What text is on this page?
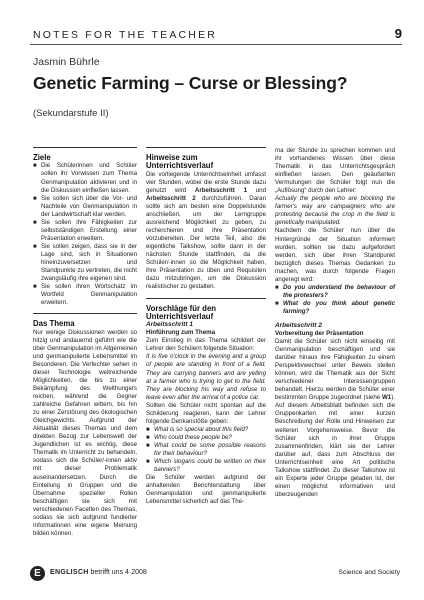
NOTES FOR THE TEACHER	9
Jasmin Bührle
Genetic Farming – Curse or Blessing?
(Sekundarstufe II)
Ziele
■ Die Schülerinnen und Schüler sollen ihr Vorwissen zum Thema Genmanipulation aktivieren und in die Diskussion einfließen lassen.
■ Sie sollen sich über die Vor- und Nachteile von Genmanipulation in der Landwirtschaft klar werden.
■ Sie sollen ihre Fähigkeiten zur selbstständigen Erstellung einer Präsentation erweitern.
■ Sie sollen zeigen, dass sie in der Lage sind, sich in Situationen hineinzuversetzen und Standpunkte zu vertreten, die nicht zwangsläufig ihre eigenen sind.
■ Sie sollen ihren Wortschatz im Wortfeld Genmanipulation erweitern.
Das Thema

Nur wenige Diskussionen werden so hitzig und andauernd geführt wie die über Genmanipulation im Allgemeinen und genmanipulierte Lebensmittel im Besonderen. Die Verfechter sehen in dieser Technologie weitreichende Möglichkeiten, die bis zu einer Bekämpfung des Welthungers reichen, während die Gegner zahlreiche Gefahren wittern, bis hin zu einer Zerstörung des ökologischen Gleichgewichts. Aufgrund der Aktualität dieses Themas und dem direkten Bezug zur Lebenswelt der Jugendlichen ist es wichtig, diese Thematik im Unterricht zu behandeln, sodass sich die Schüler/-innen aktiv mit dieser Problematik auseinandersetzen. Durch die Einteilung in Gruppen und die Übernahme spezieller Rollen beschäftigen sie sich mit verschiedenen Facetten des Themas, sodass sie sich aufgrund fundierter Informationen eine eigene Meinung bilden können.

Hinweise zum Unterrichtsverlauf

Die vorliegende Unterrichtseinheit umfasst vier Stunden, wobei die erste Stunde dazu genutzt wird Arbeitsschritt 1 und Arbeitsschritt 2 durchzuführen. Daran sollte sich am besten eine Doppelstunde anschließen, um der Lerngruppe ausreichend Möglichkeit zu geben, zu recherchieren und ihre Präsentation vorzubereiten. Der letzte Teil, also die eigentliche Talkshow, sollte dann in der nächsten Stunde stattfinden, da die Schüler/-innen so die Möglichkeit haben, ihre Präsentation zu üben und Requisiten dazu mitzubringen, um die Diskussion realistischer zu gestalten.

Vorschläge für den Unterrichtsverlauf
Arbeitsschritt 1
Hinführung zum Thema

Zum Einstieg in das Thema schildert der Lehrer den Schülern folgende Situation:

It is five o'clock in the evening and a group of people are standing in front of a field. They are carrying banners and are yelling at a farmer who is trying to get to the field. They are blocking his way and refuse to leave even after the arrival of a police car.

Sollten die Schüler nicht spontan auf die Schilderung reagieren, kann der Lehrer folgende Denkanstöße geben:

■ What is so special about this field?
■ Who could these people be?
■ What could be some possible reasons for their behaviour?
■ Which slogans could be written on their banners?

Die Schüler werden aufgrund der anhaltenden Berichterstattung über Genmanipulation und genmanipulierte Lebensmittel sicherlich auf das The-

ma der Stunde zu sprechen kommen und ihr vorhandenes Wissen über diese Thematik in das Unterrichtsgespräch einfließen lassen. Den geäußerten Vermutungen der Schüler folgt nun die „Auflösung“ durch den Lehrer:

Actually the people who are blocking the farmer's way are campaigners who are protesting because the crop in the field is genetically manipulated.

Nachdem die Schüler nun über die Hintergründe der Situation informiert wurden, sollten sie dazu aufgefordert werden, sich über ihren Standpunkt bezüglich dieses Themas Gedanken zu machen, was durch folgende Fragen angeregt wird:

■ Do you understand the behaviour of the protesters?
■ What do you think about genetic farming?
Arbeitsschritt 2
Vorbereitung der Präsentation

Damit die Schüler sich nicht einseitig mit Genmanipulation beschäftigen und sie darüber hinaus ihre Fähigkeiten zu einem Perspektivwechsel unter Beweis stellen können, wird die Thematik aus der Sicht verschiedener Interessengruppen behandelt. Hierzu werden die Schüler einer bestimmten Gruppe zugeordnet (siehe W1). Auf diesem Arbeitsblatt befinden sich die Gruppenkarten mit einer kurzen Beschreibung der Rolle und Hinweisen zur weiteren Vorgehensweise. Bevor die Schüler sich in ihrer Gruppe zusammenfinden, klärt sie der Lehrer darüber auf, dass zum Abschluss der Unterrichtseinheit eine Art politische Talkshow stattfindet. Zu dieser Talkshow ist ein Experte jeder Gruppe geladen ist, der einen möglichst informativen und überzeugenden

E	ENGLISCH betrifft uns 4·2008	Science and Society
